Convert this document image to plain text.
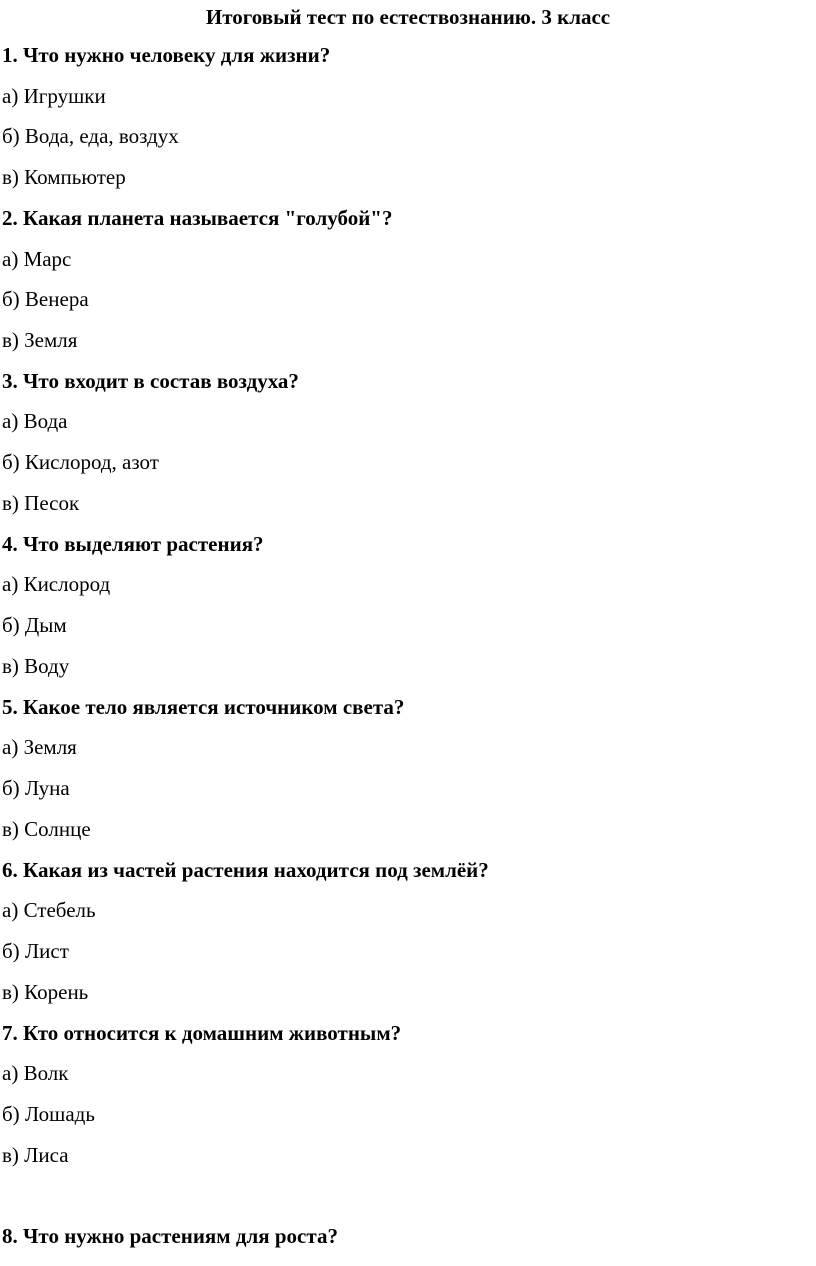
Итоговый тест по естествознанию. 3 класс
1. Что нужно человеку для жизни?
а) Игрушки
б) Вода, еда, воздух
в) Компьютер
2. Какая планета называется "голубой"?
а) Марс
б) Венера
в) Земля
3. Что входит в состав воздуха?
а) Вода
б) Кислород, азот
в) Песок
4. Что выделяют растения?
а) Кислород
б) Дым
в) Воду
5. Какое тело является источником света?
а) Земля
б) Луна
в) Солнце
6. Какая из частей растения находится под землёй?
а) Стебель
б) Лист
в) Корень
7. Кто относится к домашним животным?
а) Волк
б) Лошадь
в) Лиса
8. Что нужно растениям для роста?
